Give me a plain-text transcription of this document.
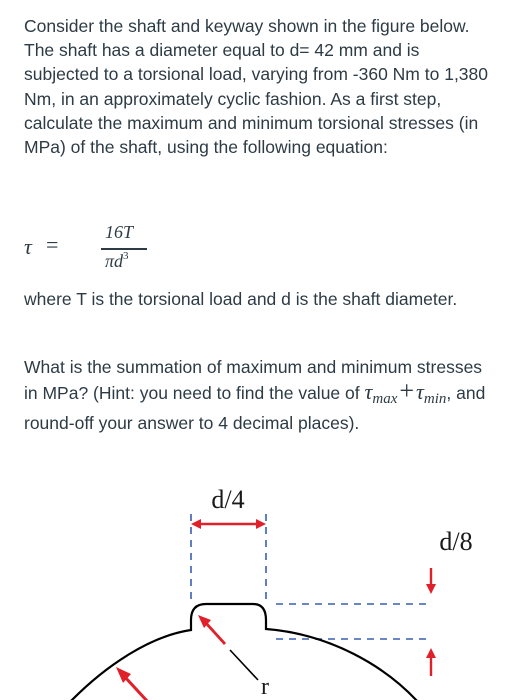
Consider the shaft and keyway shown in the figure below. The shaft has a diameter equal to d= 42 mm and is subjected to a torsional load, varying from -360 Nm to 1,380 Nm, in an approximately cyclic fashion. As a first step, calculate the maximum and minimum torsional stresses (in MPa) of the shaft, using the following equation:

τ =	16T
$\pi d^3$

where T is the torsional load and d is the shaft diameter.

What is the summation of maximum and minimum stresses in MPa? (Hint: you need to find the value of $\tau_{max}+\tau_{min}$, and round-off your answer to 4 decimal places).

d/4
d/8
r
